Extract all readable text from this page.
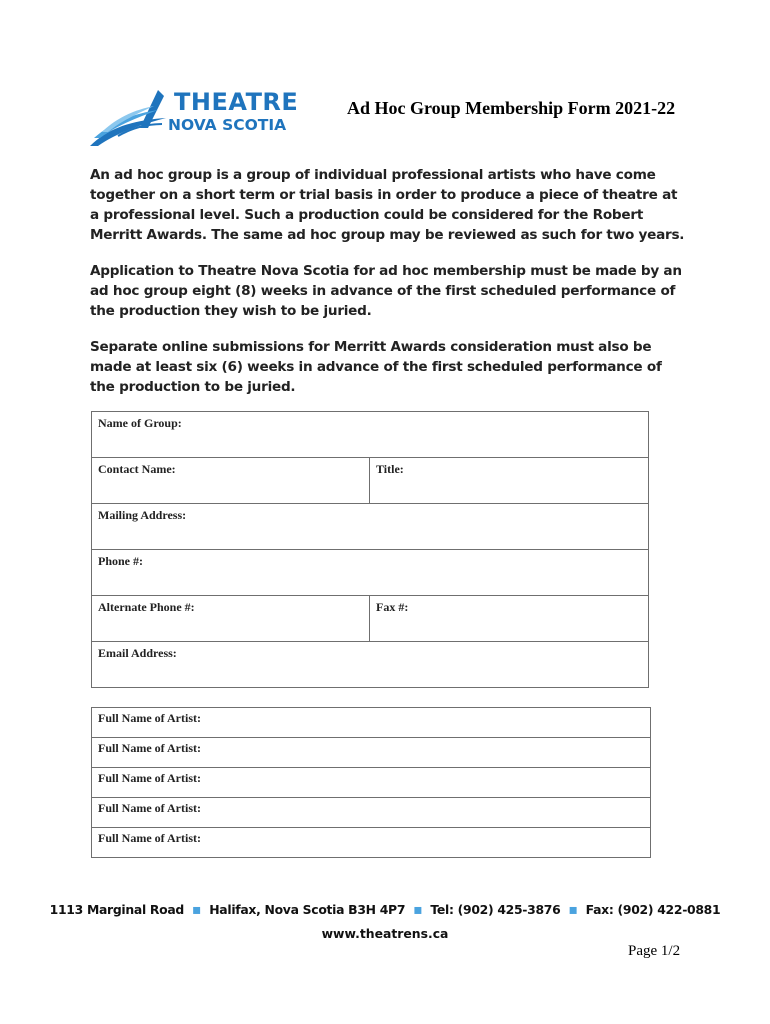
THEATRE
NOVA SCOTIA
Ad Hoc Group Membership Form 2021-22
An ad hoc group is a group of individual professional artists who have come together on a short term or trial basis in order to produce a piece of theatre at a professional level. Such a production could be considered for the Robert Merritt Awards. The same ad hoc group may be reviewed as such for two years.
Application to Theatre Nova Scotia for ad hoc membership must be made by an ad hoc group eight (8) weeks in advance of the first scheduled performance of the production they wish to be juried.
Separate online submissions for Merritt Awards consideration must also be made at least six (6) weeks in advance of the first scheduled performance of the production to be juried.
Name of Group:	
Contact Name:	Title:
Mailing Address:	
Phone #:	
Alternate Phone #:	Fax #:
Email Address:	
Full Name of Artist:
Full Name of Artist:
Full Name of Artist:
Full Name of Artist:
Full Name of Artist:
1113 Marginal Road ▪ Halifax, Nova Scotia B3H 4P7 ▪ Tel: (902) 425-3876 ▪ Fax: (902) 422-0881
www.theatrens.ca
Page 1/2
